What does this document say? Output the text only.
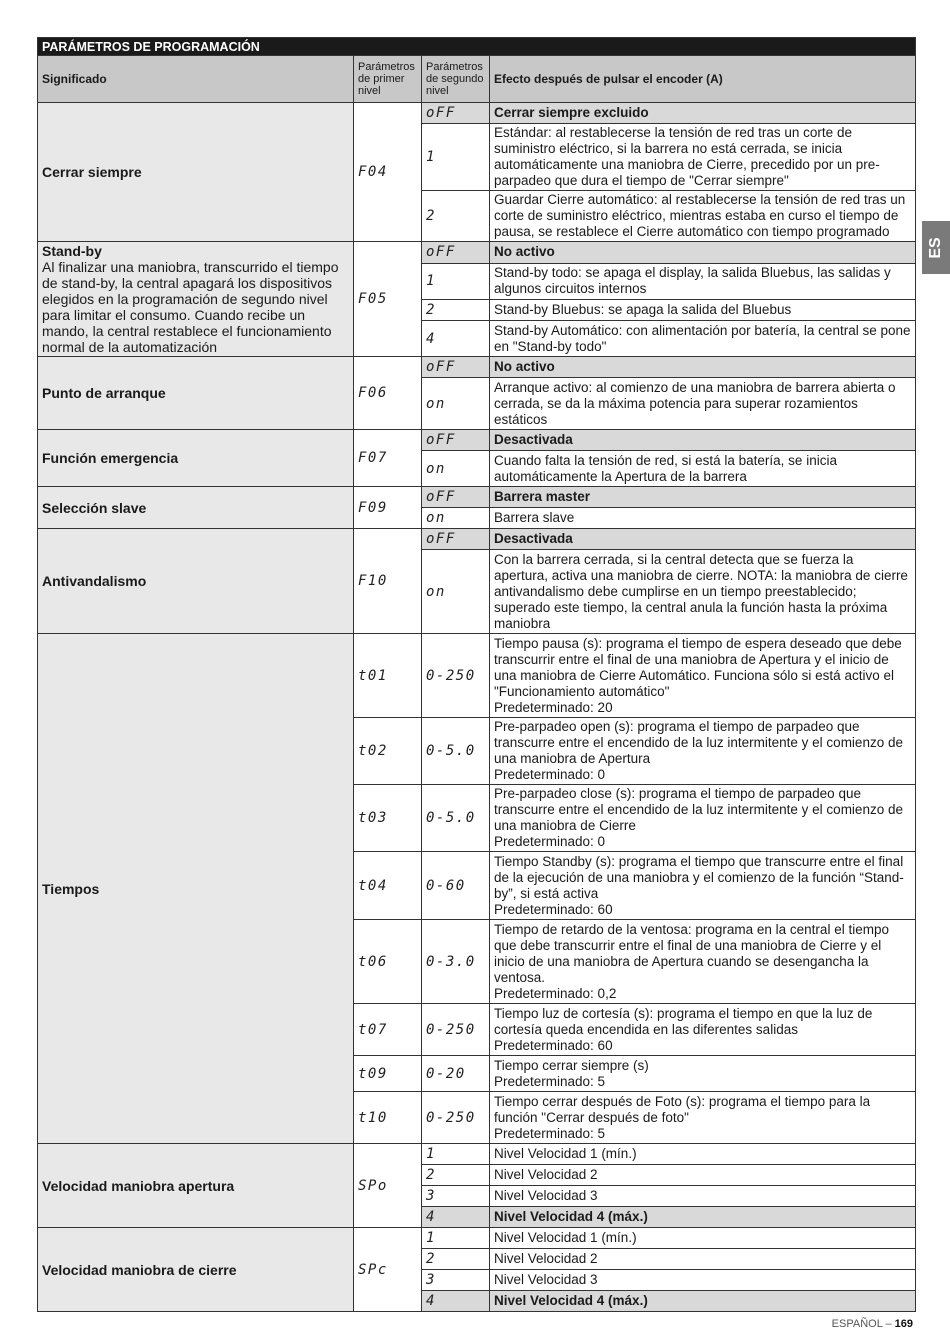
PARÁMETROS DE PROGRAMACIÓN			
Significado	Parámetros de primer nivel	Parámetros de segundo nivel	Efecto después de pulsar el encoder (A)

Cerrar siempre	F04	oFF	Cerrar siempre excluido

		1	Estándar: al restablecerse la tensión de red tras un corte de suministro eléctrico, si la barrera no está cerrada, se inicia automáticamente una maniobra de Cierre, precedido por un pre-parpadeo que dura el tiempo de "Cerrar siempre"

		2	Guardar Cierre automático: al restablecerse la tensión de red tras un corte de suministro eléctrico, mientras estaba en curso el tiempo de pausa, se restablece el Cierre automático con tiempo programado

Stand-by
Al finalizar una maniobra, transcurrido el tiempo de stand-by, la central apagará los dispositivos elegidos en la programación de segundo nivel para limitar el consumo. Cuando recibe un mando, la central restablece el funcionamiento normal de la automatización	F05	oFF	No activo

		1	Stand-by todo: se apaga el display, la salida Bluebus, las salidas y algunos circuitos internos

		2	Stand-by Bluebus: se apaga la salida del Bluebus

		4	Stand-by Automático: con alimentación por batería, la central se pone en "Stand-by todo"

Punto de arranque	F06	oFF	No activo

		on	Arranque activo: al comienzo de una maniobra de barrera abierta o cerrada, se da la máxima potencia para superar rozamientos estáticos

Función emergencia	F07	oFF	Desactivada

		on	Cuando falta la tensión de red, si está la batería, se inicia automáticamente la Apertura de la barrera

Selección slave	F09	oFF	Barrera master

		on	Barrera slave

Antivandalismo	F10	oFF	Desactivada

		on	Con la barrera cerrada, si la central detecta que se fuerza la apertura, activa una maniobra de cierre. NOTA: la maniobra de cierre antivandalismo debe cumplirse en un tiempo preestablecido; superado este tiempo, la central anula la función hasta la próxima maniobra

Tiempos	t01	0-250	Tiempo pausa (s): programa el tiempo de espera deseado que debe transcurrir entre el final de una maniobra de Apertura y el inicio de una maniobra de Cierre Automático. Funciona sólo si está activo el "Funcionamiento automático"
Predeterminado: 20

	t02	0-5.0	Pre-parpadeo open (s): programa el tiempo de parpadeo que transcurre entre el encendido de la luz intermitente y el comienzo de una maniobra de Apertura
Predeterminado: 0

	t03	0-5.0	Pre-parpadeo close (s): programa el tiempo de parpadeo que transcurre entre el encendido de la luz intermitente y el comienzo de una maniobra de Cierre
Predeterminado: 0

	t04	0-60	Tiempo Standby (s): programa el tiempo que transcurre entre el final de la ejecución de una maniobra y el comienzo de la función “Stand-by”, si está activa
Predeterminado: 60

	t06	0-3.0	Tiempo de retardo de la ventosa: programa en la central el tiempo que debe transcurrir entre el final de una maniobra de Cierre y el inicio de una maniobra de Apertura cuando se desengancha la ventosa.
Predeterminado: 0,2

	t07	0-250	Tiempo luz de cortesía (s): programa el tiempo en que la luz de cortesía queda encendida en las diferentes salidas
Predeterminado: 60

	t09	0-20	Tiempo cerrar siempre (s)
Predeterminado: 5

	t10	0-250	Tiempo cerrar después de Foto (s): programa el tiempo para la función "Cerrar después de foto"
Predeterminado: 5

Velocidad maniobra apertura	SPo	1	Nivel Velocidad 1 (mín.)

		2	Nivel Velocidad 2

		3	Nivel Velocidad 3

		4	Nivel Velocidad 4 (máx.)

Velocidad maniobra de cierre	SPc	1	Nivel Velocidad 1 (mín.)

		2	Nivel Velocidad 2

		3	Nivel Velocidad 3

		4	Nivel Velocidad 4 (máx.)
ES
ESPAÑOL – 169
